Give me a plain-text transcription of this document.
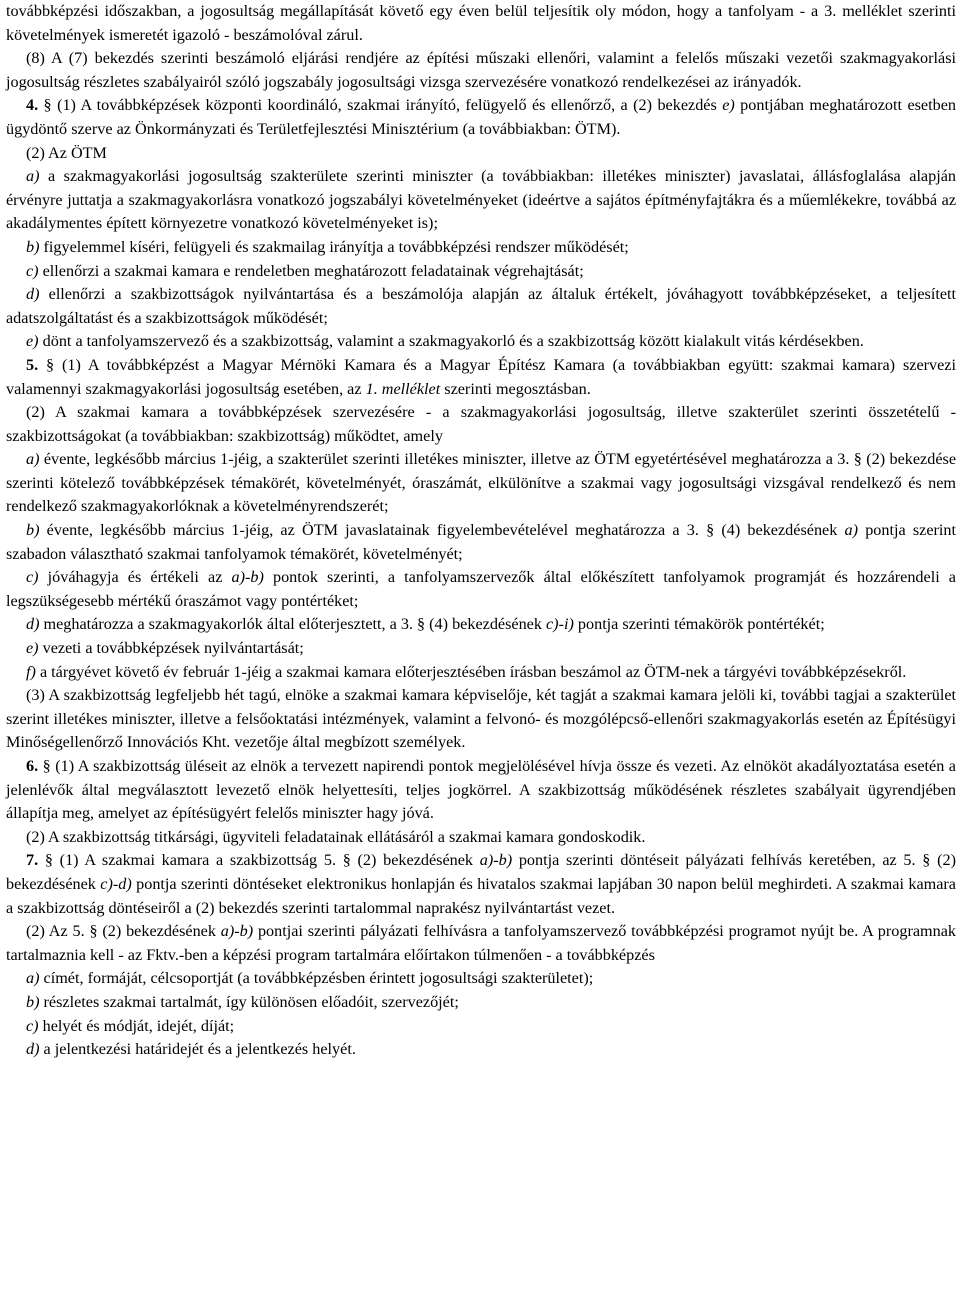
továbbképzési időszakban, a jogosultság megállapítását követő egy éven belül teljesítik oly módon, hogy a tanfolyam - a 3. melléklet szerinti követelmények ismeretét igazoló - beszámolóval zárul.

(8) A (7) bekezdés szerinti beszámoló eljárási rendjére az építési műszaki ellenőri, valamint a felelős műszaki vezetői szakmagyakorlási jogosultság részletes szabályairól szóló jogszabály jogosultsági vizsga szervezésére vonatkozó rendelkezései az irányadók.

4. § (1) A továbbképzések központi koordináló, szakmai irányító, felügyelő és ellenőrző, a (2) bekezdés e) pontjában meghatározott esetben ügydöntő szerve az Önkormányzati és Területfejlesztési Minisztérium (a továbbiakban: ÖTM).

(2) Az ÖTM

a) a szakmagyakorlási jogosultság szakterülete szerinti miniszter (a továbbiakban: illetékes miniszter) javaslatai, állásfoglalása alapján érvényre juttatja a szakmagyakorlásra vonatkozó jogszabályi követelményeket (ideértve a sajátos építményfajtákra és a műemlékekre, továbbá az akadálymentes épített környezetre vonatkozó követelményeket is);

b) figyelemmel kíséri, felügyeli és szakmailag irányítja a továbbképzési rendszer működését;

c) ellenőrzi a szakmai kamara e rendeletben meghatározott feladatainak végrehajtását;

d) ellenőrzi a szakbizottságok nyilvántartása és a beszámolója alapján az általuk értékelt, jóváhagyott továbbképzéseket, a teljesített adatszolgáltatást és a szakbizottságok működését;

e) dönt a tanfolyamszervező és a szakbizottság, valamint a szakmagyakorló és a szakbizottság között kialakult vitás kérdésekben.

5. § (1) A továbbképzést a Magyar Mérnöki Kamara és a Magyar Építész Kamara (a továbbiakban együtt: szakmai kamara) szervezi valamennyi szakmagyakorlási jogosultság esetében, az 1. melléklet szerinti megosztásban.

(2) A szakmai kamara a továbbképzések szervezésére - a szakmagyakorlási jogosultság, illetve szakterület szerinti összetételű - szakbizottságokat (a továbbiakban: szakbizottság) működtet, amely

a) évente, legkésőbb március 1-jéig, a szakterület szerinti illetékes miniszter, illetve az ÖTM egyetértésével meghatározza a 3. § (2) bekezdése szerinti kötelező továbbképzések témakörét, követelményét, óraszámát, elkülönítve a szakmai vagy jogosultsági vizsgával rendelkező és nem rendelkező szakmagyakorlóknak a követelményrendszerét;

b) évente, legkésőbb március 1-jéig, az ÖTM javaslatainak figyelembevételével meghatározza a 3. § (4) bekezdésének a) pontja szerint szabadon választható szakmai tanfolyamok témakörét, követelményét;

c) jóváhagyja és értékeli az a)-b) pontok szerinti, a tanfolyamszervezők által előkészített tanfolyamok programját és hozzárendeli a legszükségesebb mértékű óraszámot vagy pontértéket;

d) meghatározza a szakmagyakorlók által előterjesztett, a 3. § (4) bekezdésének c)-i) pontja szerinti témakörök pontértékét;

e) vezeti a továbbképzések nyilvántartását;

f) a tárgyévet követő év február 1-jéig a szakmai kamara előterjesztésében írásban beszámol az ÖTM-nek a tárgyévi továbbképzésekről.

(3) A szakbizottság legfeljebb hét tagú, elnöke a szakmai kamara képviselője, két tagját a szakmai kamara jelöli ki, további tagjai a szakterület szerint illetékes miniszter, illetve a felsőoktatási intézmények, valamint a felvonó- és mozgólépcső-ellenőri szakmagyakorlás esetén az Építésügyi Minőségellenőrző Innovációs Kht. vezetője által megbízott személyek.

6. § (1) A szakbizottság üléseit az elnök a tervezett napirendi pontok megjelölésével hívja össze és vezeti. Az elnököt akadályoztatása esetén a jelenlévők által megválasztott levezető elnök helyettesíti, teljes jogkörrel. A szakbizottság működésének részletes szabályait ügyrendjében állapítja meg, amelyet az építésügyért felelős miniszter hagy jóvá.

(2) A szakbizottság titkársági, ügyviteli feladatainak ellátásáról a szakmai kamara gondoskodik.

7. § (1) A szakmai kamara a szakbizottság 5. § (2) bekezdésének a)-b) pontja szerinti döntéseit pályázati felhívás keretében, az 5. § (2) bekezdésének c)-d) pontja szerinti döntéseket elektronikus honlapján és hivatalos szakmai lapjában 30 napon belül meghirdeti. A szakmai kamara a szakbizottság döntéseiről a (2) bekezdés szerinti tartalommal naprakész nyilvántartást vezet.

(2) Az 5. § (2) bekezdésének a)-b) pontjai szerinti pályázati felhívásra a tanfolyamszervező továbbképzési programot nyújt be. A programnak tartalmaznia kell - az Fktv.-ben a képzési program tartalmára előírtakon túlmenően - a továbbképzés

a) címét, formáját, célcsoportját (a továbbképzésben érintett jogosultsági szakterületet);

b) részletes szakmai tartalmát, így különösen előadóit, szervezőjét;

c) helyét és módját, idejét, díját;

d) a jelentkezési határidejét és a jelentkezés helyét.
